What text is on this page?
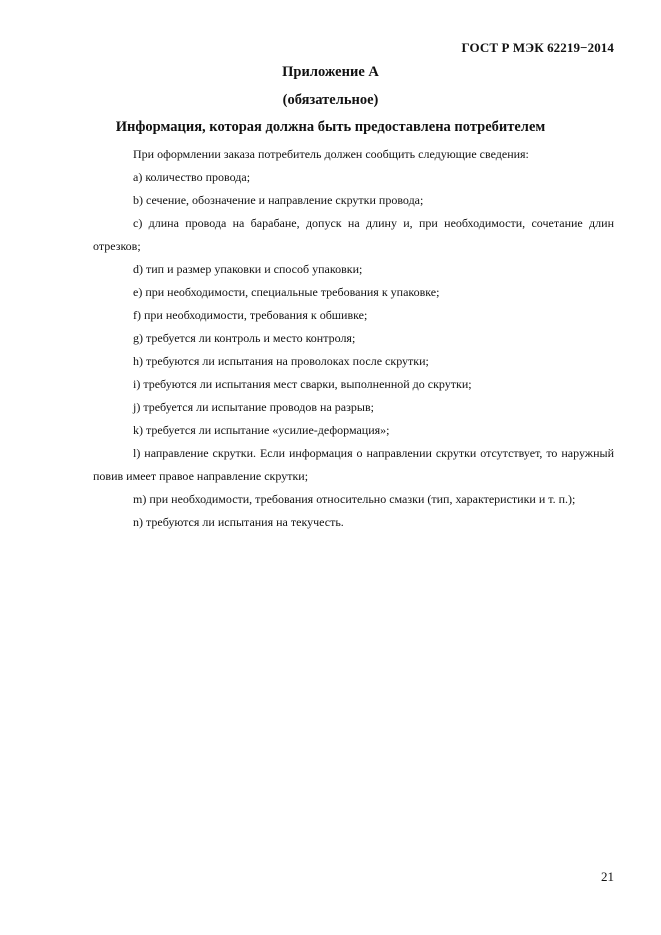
ГОСТ Р МЭК 62219−2014
Приложение А
(обязательное)
Информация, которая должна быть предоставлена потребителем

При оформлении заказа потребитель должен сообщить следующие сведения:

а) количество провода;

b) сечение, обозначение и направление скрутки провода;

c) длина провода на барабане, допуск на длину и, при необходимости, сочетание длин отрезков;

d) тип и размер упаковки и способ упаковки;

e) при необходимости, специальные требования к упаковке;

f) при необходимости, требования к обшивке;

g) требуется ли контроль и место контроля;

h) требуются ли испытания на проволоках после скрутки;

i) требуются ли испытания мест сварки, выполненной до скрутки;

j) требуется ли испытание проводов на разрыв;

k) требуется ли испытание «усилие-деформация»;

l) направление скрутки. Если информация о направлении скрутки отсутствует, то наружный повив имеет правое направление скрутки;

m) при необходимости, требования относительно смазки (тип, характеристики и т. п.);

n) требуются ли испытания на текучесть.

21
